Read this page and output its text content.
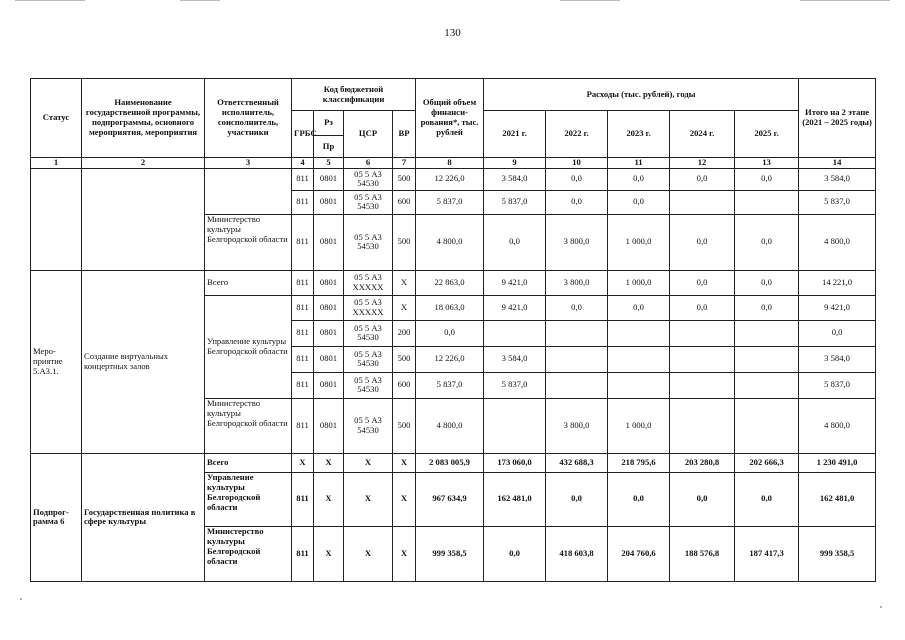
130
Статус	Наименование государственной программы, подпрограммы, основного мероприятия, мероприятия	Ответственный исполнитель, соисполнитель, участники	Код бюджетной классификации				Общий объем финанси-рования*, тыс. рублей	Расходы (тыс. рублей), годы					Итого на 2 этапе (2021 – 2025 годы)
			ГРБС	Рз	ЦСР	ВР		2021 г.	2022 г.	2023 г.	2024 г.	2025 г.	
				Пр									
1	2	3	4	5	6	7	8	9	10	11	12	13	14
			811	0801	05 5 А3 54530	500	12 226,0	3 584,0	0,0	0,0	0,0	0,0	3 584,0
			811	0801	05 5 А3 54530	600	5 837,0	5 837,0	0,0	0,0			5 837,0
		Министерство культуры Белгородской области	811	0801	05 5 А3 54530	500	4 800,0	0,0	3 800,0	1 000,0	0,0	0,0	4 800,0
Меро-приятие 5.А3.1.	Создание виртуальных концертных залов	Всего	811	0801	05 5 А3 ХХХХХ	Х	22 863,0	9 421,0	3 800,0	1 000,0	0,0	0,0	14 221,0
		Управление культуры Белгородской области	811	0801	05 5 А3 ХХХХХ	Х	18 063,0	9 421,0	0,0	0,0	0,0	0,0	9 421,0
			811	0801	05 5 А3 54530	200	0,0						0,0
			811	0801	05 5 А3 54530	500	12 226,0	3 584,0					3 584,0
			811	0801	05 5 А3 54530	600	5 837,0	5 837,0					5 837,0
		Министерство культуры Белгородской области	811	0801	05 5 А3 54530	500	4 800,0		3 800,0	1 000,0			4 800,0
Подпрог-рамма 6	Государственная политика в сфере культуры	Всего	Х	Х	Х	Х	2 083 005,9	173 060,0	432 688,3	218 795,6	203 280,8	202 666,3	1 230 491,0
		Управление культуры Белгородской области	811	Х	Х	Х	967 634,9	162 481,0	0,0	0,0	0,0	0,0	162 481,0
		Министерство культуры Белгородской области	811	Х	Х	Х	999 358,5	0,0	418 603,8	204 760,6	188 576,8	187 417,3	999 358,5
